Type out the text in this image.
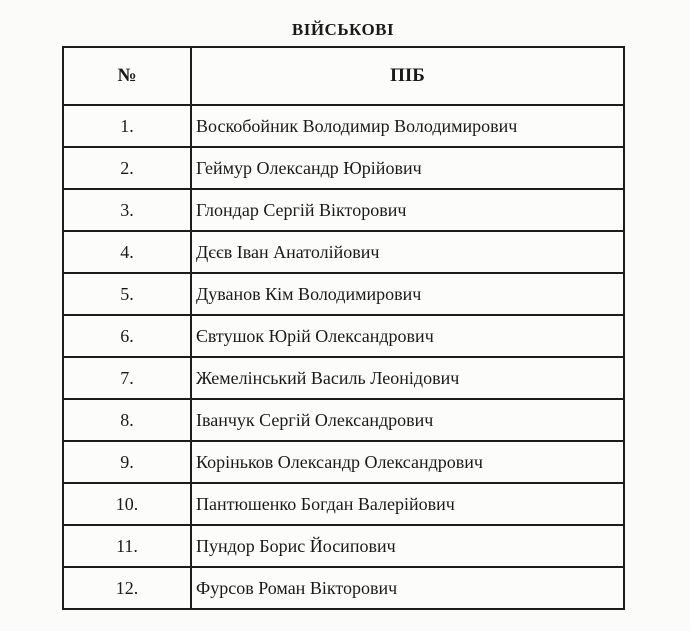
ВІЙСЬКОВІ
№	ПІБ
1.	Воскобойник Володимир Володимирович
2.	Геймур Олександр Юрійович
3.	Глондар Сергій Вікторович
4.	Дєєв Іван Анатолійович
5.	Дуванов Кім Володимирович
6.	Євтушок Юрій Олександрович
7.	Жемелінський Василь Леонідович
8.	Іванчук Сергій Олександрович
9.	Коріньков Олександр Олександрович
10.	Пантюшенко Богдан Валерійович
11.	Пундор Борис Йосипович
12.	Фурсов Роман Вікторович
